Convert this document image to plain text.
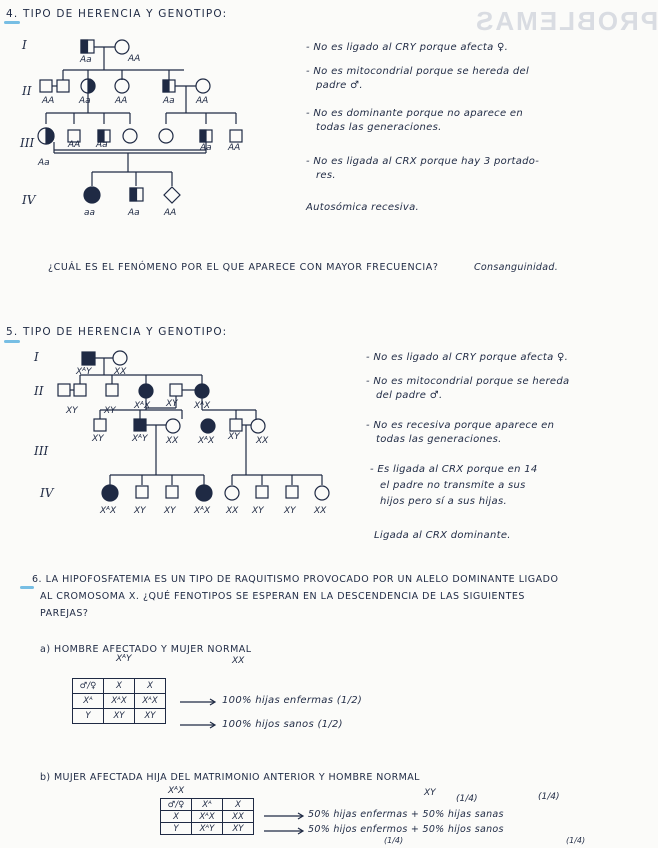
PROBLEMAS
4. TIPO DE HERENCIA Y GENOTIPO:
I
II
III
IV
Aa	AA
AA	Aa	AA	Aa AA
Aa
AA Aa	Aa AA
aa	Aa	AA
- No es ligado al CRY porque afecta ♀.
- No es mitocondrial porque se hereda del
padre ♂.
- No es dominante porque no aparece en
todas las generaciones.
- No es ligada al CRX porque hay 3 portado-
res.
Autosómica recesiva.
¿CUÁL ES EL FENÓMENO POR EL QUE APARECE CON MAYOR FRECUENCIA?	Consanguinidad.
5. TIPO DE HERENCIA Y GENOTIPO:
I
II
III
IV
XᴬY XX
XY	XY XᴬX XY XᴬX
XY	XᴬY XX XᴬX XY XX
XᴬX XY XY XᴬX XX XY XY XX
- No es ligado al CRY porque afecta ♀.
- No es mitocondrial porque se hereda
del padre ♂.
- No es recesiva porque aparece en
todas las generaciones.
- Es ligada al CRX porque en 14
el padre no transmite a sus
hijos pero sí a sus hijas.
Ligada al CRX dominante.
6. LA HIPOFOSFATEMIA ES UN TIPO DE RAQUITISMO PROVOCADO POR UN ALELO DOMINANTE LIGADO
AL CROMOSOMA X. ¿QUÉ FENOTIPOS SE ESPERAN EN LA DESCENDENCIA DE LAS SIGUIENTES
PAREJAS?
a) HOMBRE AFECTADO Y MUJER NORMAL
XᴬY	XX
♂/♀	X	X
Xᴬ	XᴬX	XᴬX
Y	XY	XY
100% hijas enfermas (1/2)
100% hijos sanos (1/2)
b) MUJER AFECTADA HIJA DEL MATRIMONIO ANTERIOR Y HOMBRE NORMAL
XᴬX	XY
(1/4)	(1/4)
♂/♀	Xᴬ	X
X	XᴬX	XX
Y	XᴬY	XY
50% hijas enfermas + 50% hijas sanas
50% hijos enfermos + 50% hijos sanos
(1/4)	(1/4)
